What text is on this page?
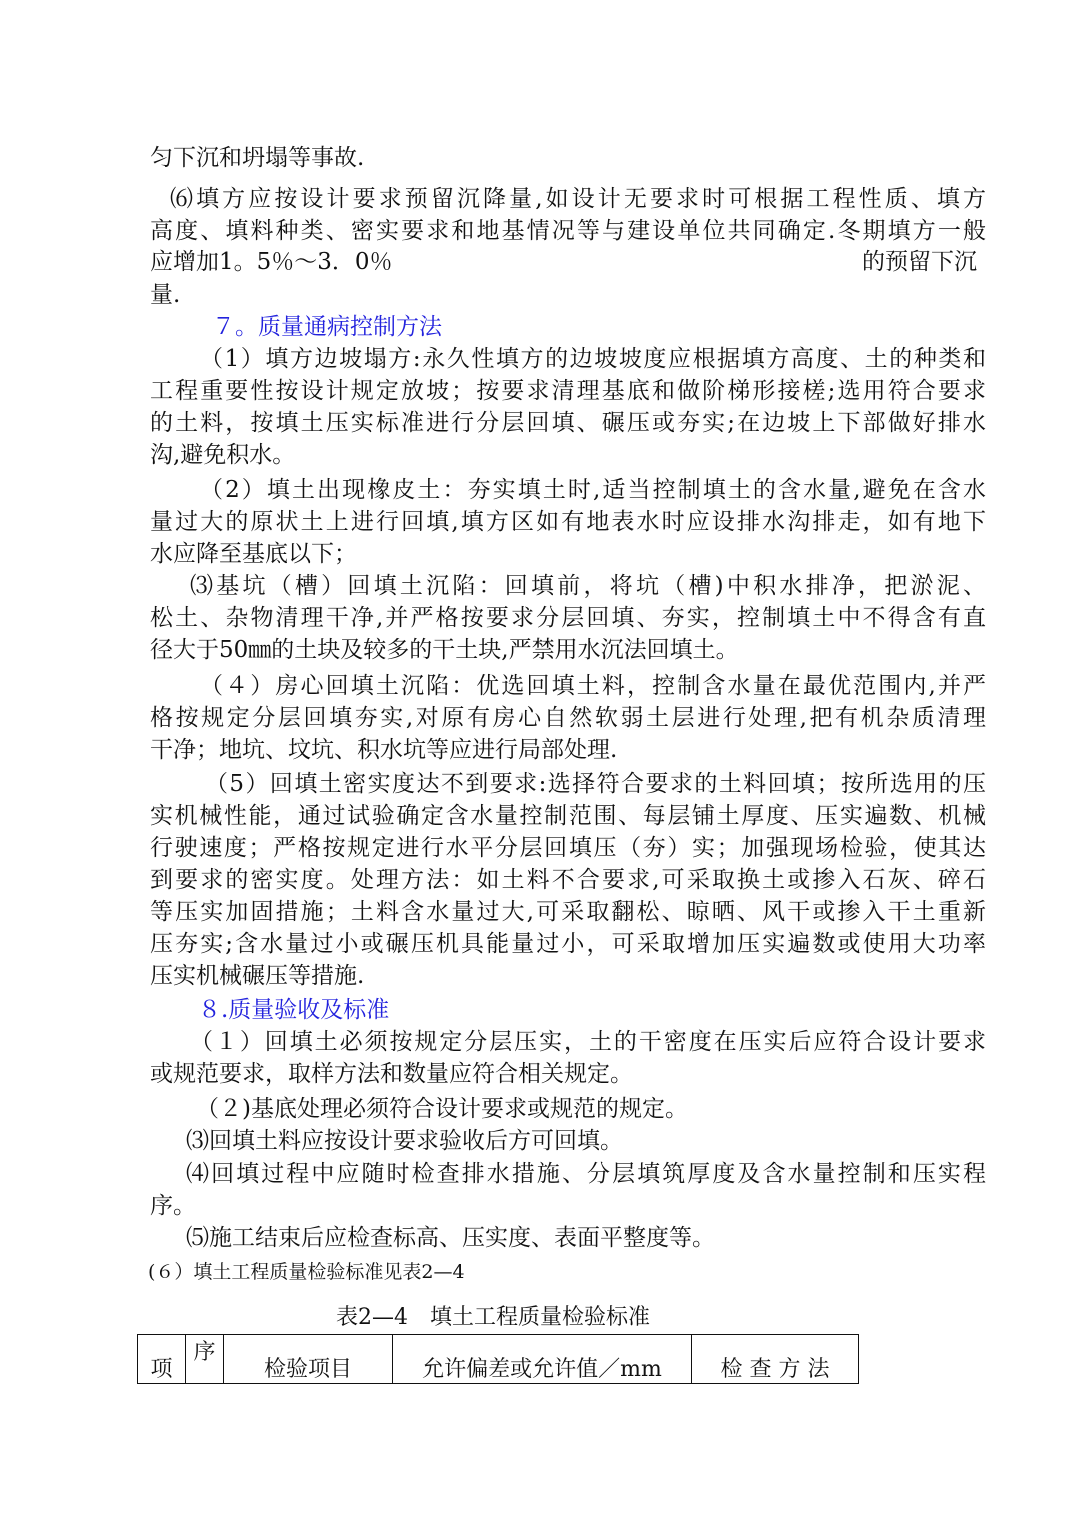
匀下沉和坍塌等事故.
⑹填方应按设计要求预留沉降量,如设计无要求时可根据工程性质、填方
高度、填料种类、密实要求和地基情况等与建设单位共同确定.冬期填方一般
应增加1。5％～3．0％	的预留下沉
量.
７。质量通病控制方法
（1）填方边坡塌方:永久性填方的边坡坡度应根据填方高度、土的种类和
工程重要性按设计规定放坡；按要求清理基底和做阶梯形接槎;选用符合要求
的土料，按填土压实标准进行分层回填、碾压或夯实;在边坡上下部做好排水
沟,避免积水。
（2）填土出现橡皮土：夯实填土时,适当控制填土的含水量,避免在含水
量过大的原状土上进行回填,填方区如有地表水时应设排水沟排走，如有地下
水应降至基底以下；
⑶基坑（槽）回填土沉陷：回填前，将坑（槽)中积水排净，把淤泥、
松土、杂物清理干净,并严格按要求分层回填、夯实，控制填土中不得含有直
径大于50㎜的土块及较多的干土块,严禁用水沉法回填土。
（４）房心回填土沉陷：优选回填土料，控制含水量在最优范围内,并严
格按规定分层回填夯实,对原有房心自然软弱土层进行处理,把有机杂质清理
干净；地坑、坟坑、积水坑等应进行局部处理.
（5）回填土密实度达不到要求:选择符合要求的土料回填；按所选用的压
实机械性能，通过试验确定含水量控制范围、每层铺土厚度、压实遍数、机械
行驶速度；严格按规定进行水平分层回填压（夯）实；加强现场检验，使其达
到要求的密实度。处理方法：如土料不合要求,可采取换土或掺入石灰、碎石
等压实加固措施；土料含水量过大,可采取翻松、晾晒、风干或掺入干土重新
压夯实;含水量过小或碾压机具能量过小，可采取增加压实遍数或使用大功率
压实机械碾压等措施.
８.质量验收及标准
（１）回填土必须按规定分层压实，土的干密度在压实后应符合设计要求
或规范要求，取样方法和数量应符合相关规定。
（２)基底处理必须符合设计要求或规范的规定。
⑶回填土料应按设计要求验收后方可回填。
⑷回填过程中应随时检查排水措施、分层填筑厚度及含水量控制和压实程
序。
⑸施工结束后应检查标高、压实度、表面平整度等。
(６）填土工程质量检验标准见表2—4
表2—4　填土工程质量检验标准
项	序	检验项目	允许偏差或允许值／mm	检 查 方 法
